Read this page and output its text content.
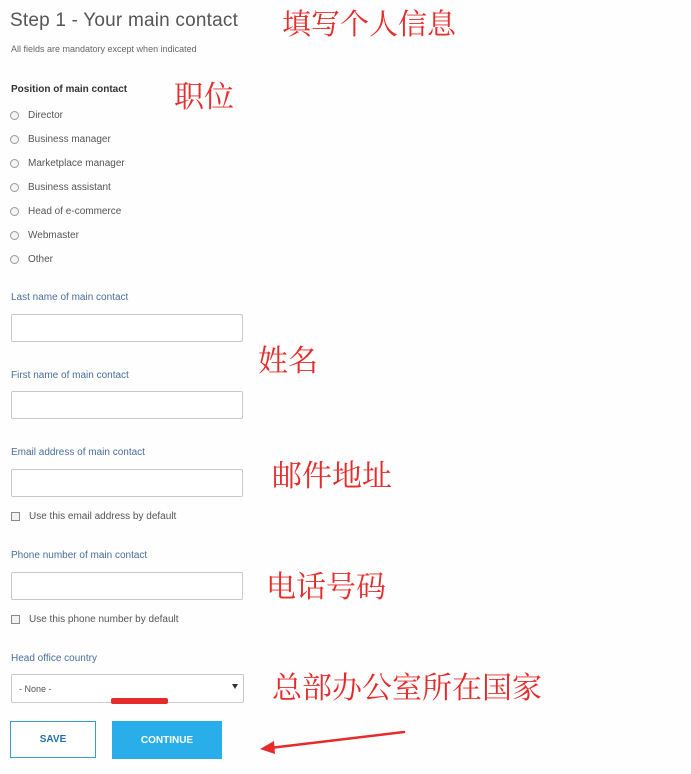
Step 1 - Your main contact
All fields are mandatory except when indicated
Position of main contact
Director
Business manager
Marketplace manager
Business assistant
Head of e-commerce
Webmaster
Other
Last name of main contact
First name of main contact
Email address of main contact
Use this email address by default
Phone number of main contact
Use this phone number by default
Head office country
- None -
SAVE	CONTINUE
填写个人信息
职位
姓名
邮件地址
电话号码
总部办公室所在国家
